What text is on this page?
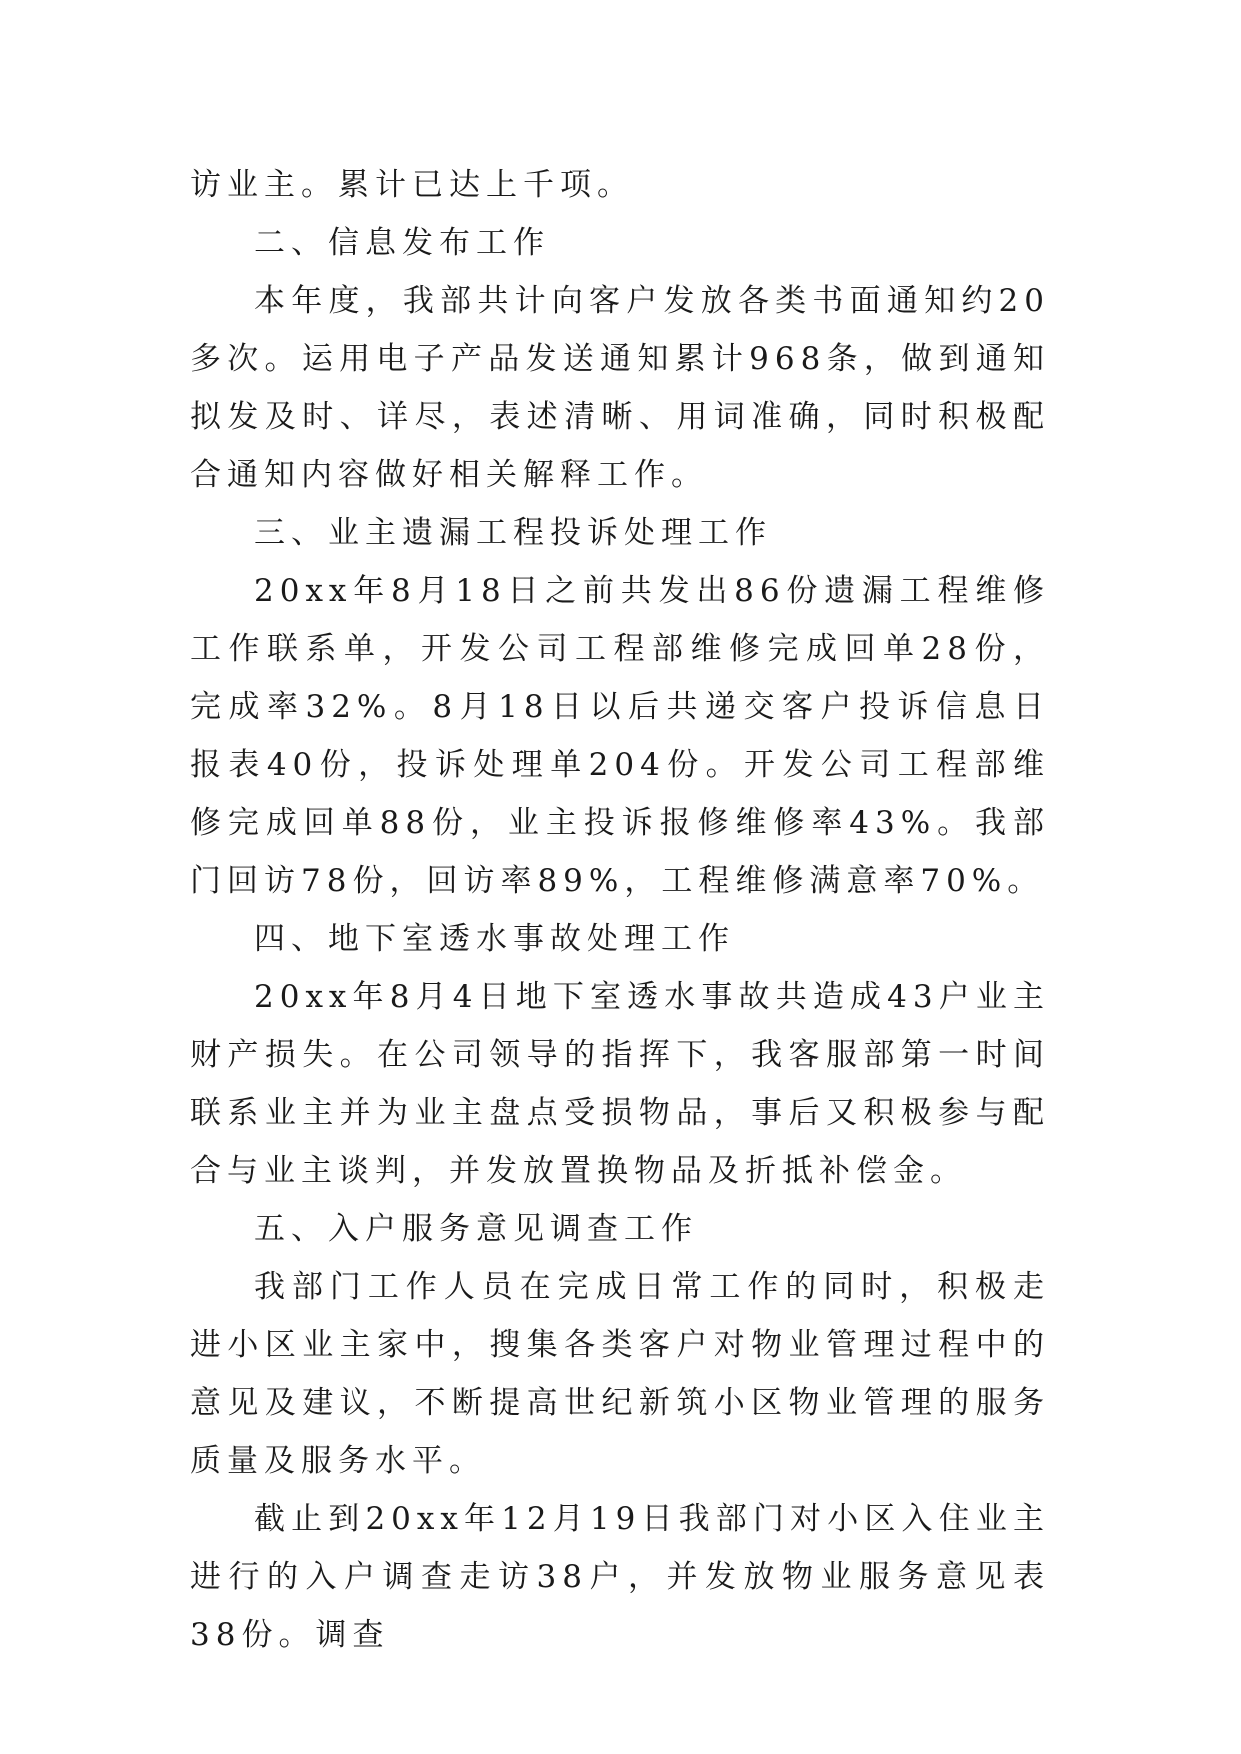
访业主。累计已达上千项。

二、信息发布工作

本年度，我部共计向客户发放各类书面通知约20多次。运用电子产品发送通知累计968条，做到通知拟发及时、详尽，表述清晰、用词准确，同时积极配合通知内容做好相关解释工作。

三、业主遗漏工程投诉处理工作

20xx年8月18日之前共发出86份遗漏工程维修工作联系单，开发公司工程部维修完成回单28份，完成率32%。8月18日以后共递交客户投诉信息日报表40份，投诉处理单204份。开发公司工程部维修完成回单88份，业主投诉报修维修率43%。我部门回访78份，回访率89%，工程维修满意率70%。

四、地下室透水事故处理工作

20xx年8月4日地下室透水事故共造成43户业主财产损失。在公司领导的指挥下，我客服部第一时间联系业主并为业主盘点受损物品，事后又积极参与配合与业主谈判，并发放置换物品及折抵补偿金。

五、入户服务意见调查工作

我部门工作人员在完成日常工作的同时，积极走进小区业主家中，搜集各类客户对物业管理过程中的意见及建议，不断提高世纪新筑小区物业管理的服务质量及服务水平。

截止到20xx年12月19日我部门对小区入住业主进行的入户调查走访38户，并发放物业服务意见表38份。调查
